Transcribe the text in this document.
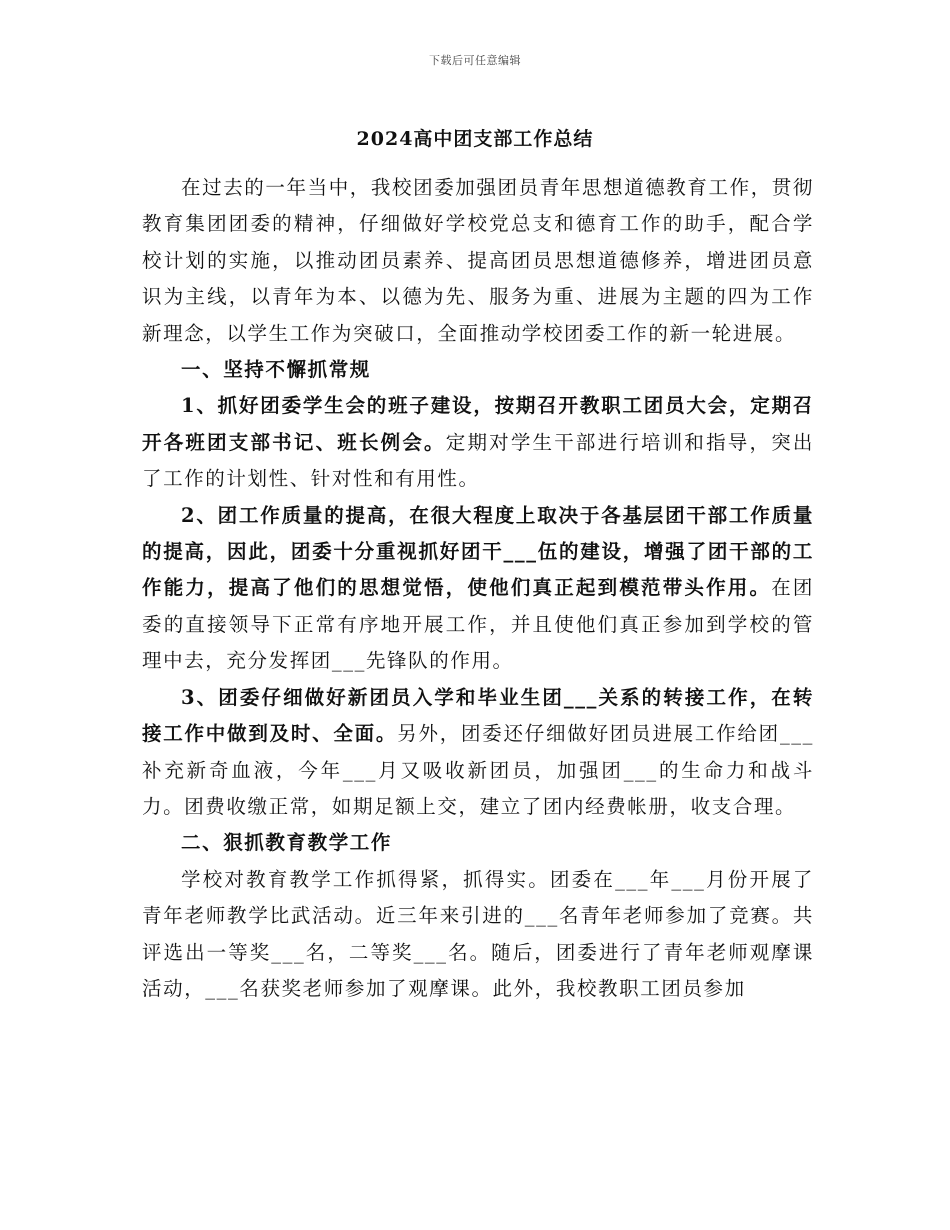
下载后可任意编辑
2024高中团支部工作总结

在过去的一年当中，我校团委加强团员青年思想道德教育工作，贯彻教育集团团委的精神，仔细做好学校党总支和德育工作的助手，配合学校计划的实施，以推动团员素养、提高团员思想道德修养，增进团员意识为主线，以青年为本、以德为先、服务为重、进展为主题的四为工作新理念，以学生工作为突破口，全面推动学校团委工作的新一轮进展。

一、坚持不懈抓常规

1、抓好团委学生会的班子建设，按期召开教职工团员大会，定期召开各班团支部书记、班长例会。定期对学生干部进行培训和指导，突出了工作的计划性、针对性和有用性。

2、团工作质量的提高，在很大程度上取决于各基层团干部工作质量的提高，因此，团委十分重视抓好团干___伍的建设，增强了团干部的工作能力，提高了他们的思想觉悟，使他们真正起到模范带头作用。在团委的直接领导下正常有序地开展工作，并且使他们真正参加到学校的管理中去，充分发挥团___先锋队的作用。

3、团委仔细做好新团员入学和毕业生团___关系的转接工作，在转接工作中做到及时、全面。另外，团委还仔细做好团员进展工作给团___补充新奇血液，今年___月又吸收新团员，加强团___的生命力和战斗力。团费收缴正常，如期足额上交，建立了团内经费帐册，收支合理。

二、狠抓教育教学工作

学校对教育教学工作抓得紧，抓得实。团委在___年___月份开展了青年老师教学比武活动。近三年来引进的___名青年老师参加了竞赛。共评选出一等奖___名，二等奖___名。随后，团委进行了青年老师观摩课活动，___名获奖老师参加了观摩课。此外，我校教职工团员参加
